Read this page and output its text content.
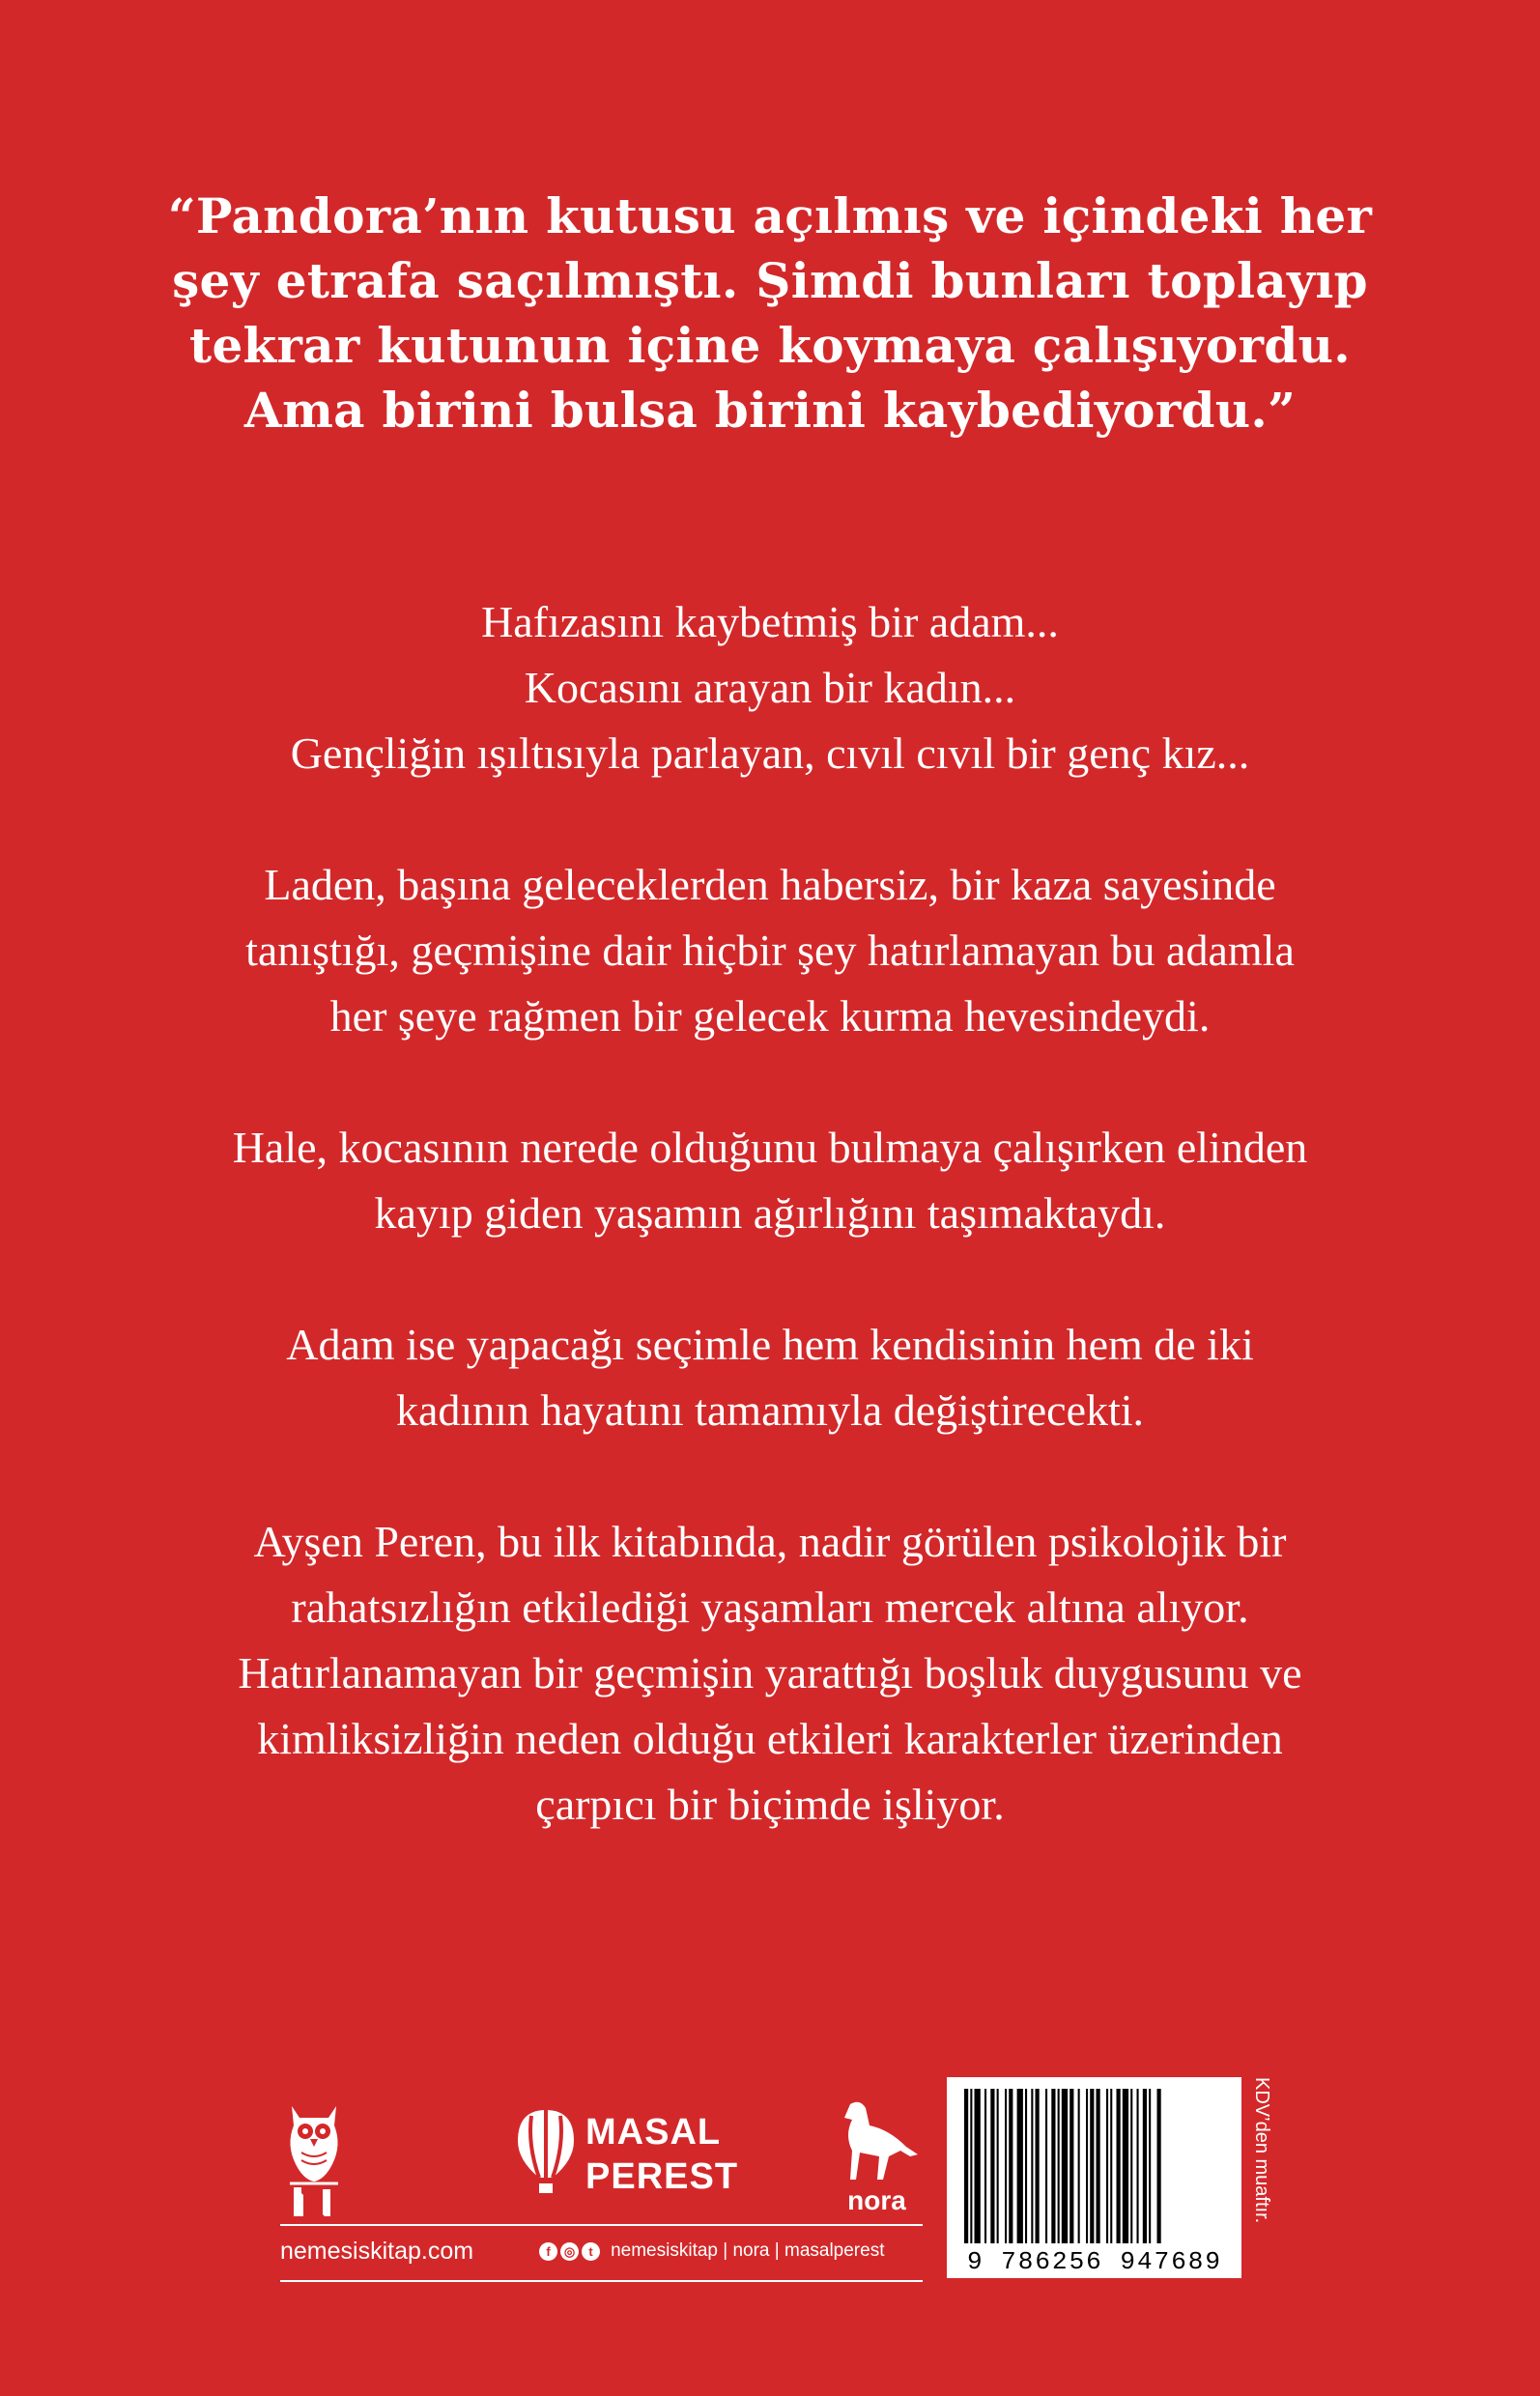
“Pandora’nın kutusu açılmış ve içindeki her
şey etrafa saçılmıştı. Şimdi bunları toplayıp
tekrar kutunun içine koymaya çalışıyordu.
Ama birini bulsa birini kaybediyordu.”

Hafızasını kaybetmiş bir adam...
Kocasını arayan bir kadın...
Gençliğin ışıltısıyla parlayan, cıvıl cıvıl bir genç kız...

Laden, başına geleceklerden habersiz, bir kaza sayesinde
tanıştığı, geçmişine dair hiçbir şey hatırlamayan bu adamla
her şeye rağmen bir gelecek kurma hevesindeydi.

Hale, kocasının nerede olduğunu bulmaya çalışırken elinden
kayıp giden yaşamın ağırlığını taşımaktaydı.

Adam ise yapacağı seçimle hem kendisinin hem de iki
kadının hayatını tamamıyla değiştirecekti.

Ayşen Peren, bu ilk kitabında, nadir görülen psikolojik bir
rahatsızlığın etkilediği yaşamları mercek altına alıyor.
Hatırlanamayan bir geçmişin yarattığı boşluk duygusunu ve
kimliksizliğin neden olduğu etkileri karakterler üzerinden
çarpıcı bir biçimde işliyor.

MASAL
PEREST
nora
nemesiskitap.com	f ◎ t nemesiskitap | nora | masalperest	9 786256 947689
KDV’den muaftır.
